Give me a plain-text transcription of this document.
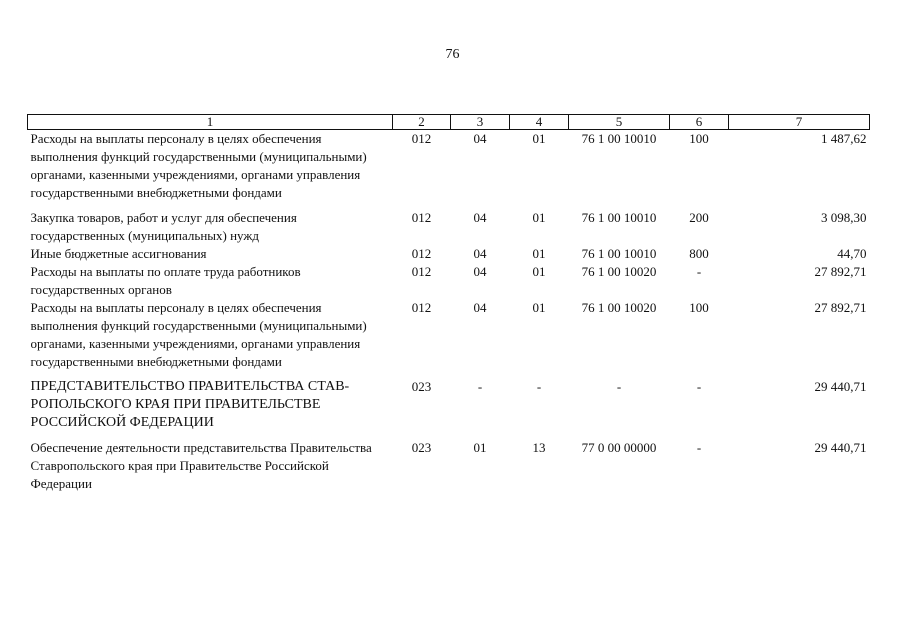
76
1	2	3	4	5	6	7
Расходы на выплаты персоналу в целях обеспечения выполнения функций государственными (муниципальными) органами, казенными учреждениями, органами управления государственными внебюджетными фондами	012	04	01	76 1 00 10010	100	1 487,62
Закупка товаров, работ и услуг для обеспечения государственных (муниципальных) нужд	012	04	01	76 1 00 10010	200	3 098,30
Иные бюджетные ассигнования	012	04	01	76 1 00 10010	800	44,70
Расходы на выплаты по оплате труда работников государственных органов	012	04	01	76 1 00 10020	-	27 892,71
Расходы на выплаты персоналу в целях обеспечения выполнения функций государственными (муниципальными) органами, казенными учреждениями, органами управления государственными внебюджетными фондами	012	04	01	76 1 00 10020	100	27 892,71
ПРЕДСТАВИТЕЛЬСТВО ПРАВИТЕЛЬСТВА СТАВ-РОПОЛЬСКОГО КРАЯ ПРИ ПРАВИТЕЛЬСТВЕ РОССИЙСКОЙ ФЕДЕРАЦИИ	023	-	-	-	-	29 440,71
Обеспечение деятельности представительства Правительства Ставропольского края при Правительстве Российской Федерации	023	01	13	77 0 00 00000	-	29 440,71
